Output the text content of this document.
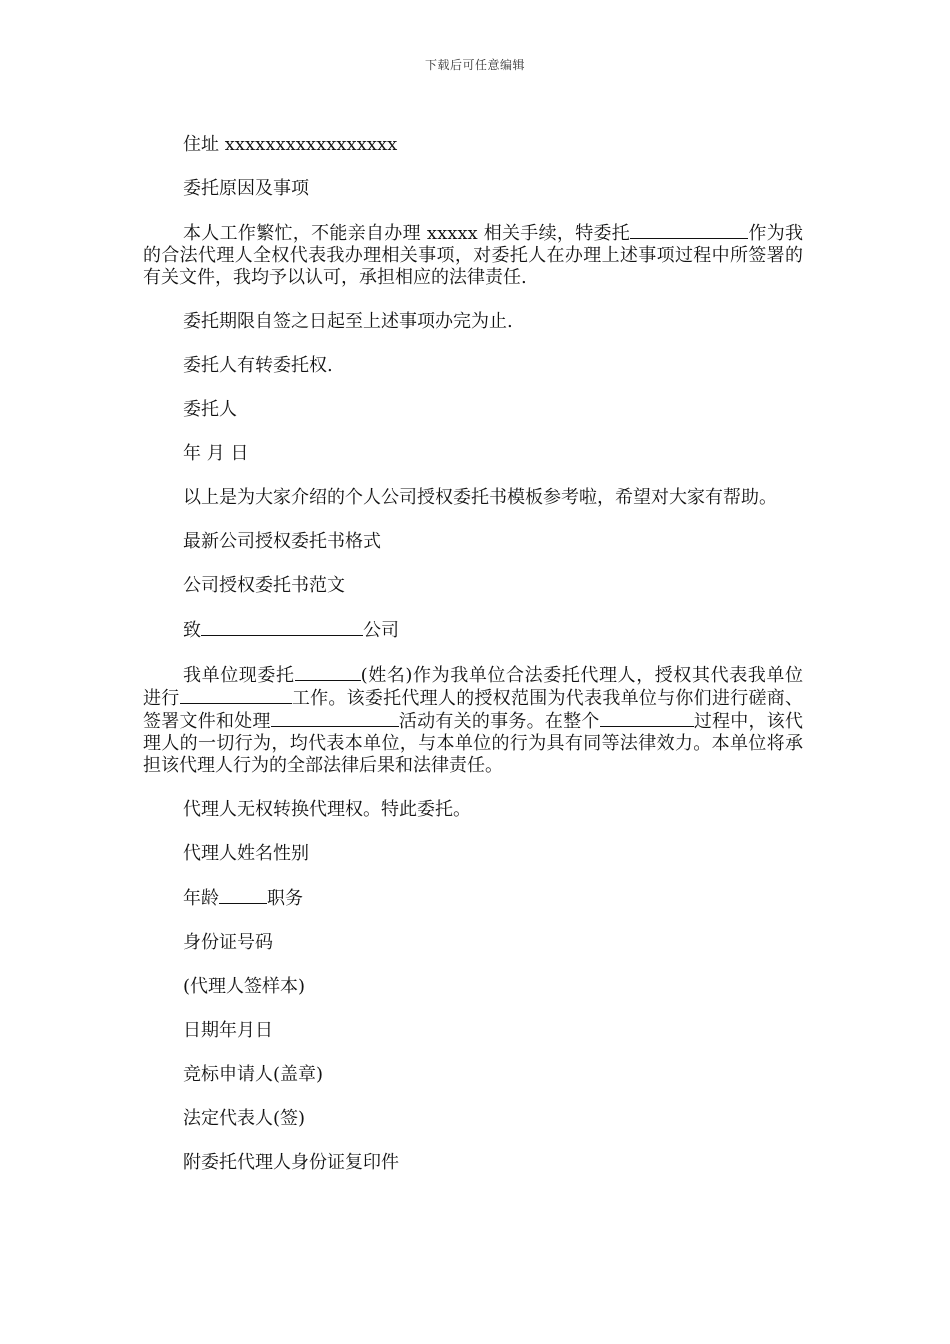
下载后可任意编辑

住址 xxxxxxxxxxxxxxxxx

委托原因及事项

本人工作繁忙，不能亲自办理 xxxxx 相关手续，特委托	作为我的合法代理人全权代表我办理相关事项，对委托人在办理上述事项过程中所签署的有关文件，我均予以认可，承担相应的法律责任.

委托期限自签之日起至上述事项办完为止.

委托人有转委托权.

委托人

年 月 日

以上是为大家介绍的个人公司授权委托书模板参考啦，希望对大家有帮助。

最新公司授权委托书格式

公司授权委托书范文

致	公司

我单位现委托	(姓名)作为我单位合法委托代理人，授权其代表我单位进行	工作。该委托代理人的授权范围为代表我单位与你们进行磋商、签署文件和处理	活动有关的事务。在整个	过程中，该代理人的一切行为，均代表本单位，与本单位的行为具有同等法律效力。本单位将承担该代理人行为的全部法律后果和法律责任。

代理人无权转换代理权。特此委托。

代理人姓名性别

年龄	职务

身份证号码

(代理人签样本)

日期年月日

竞标申请人(盖章)

法定代表人(签)

附委托代理人身份证复印件
